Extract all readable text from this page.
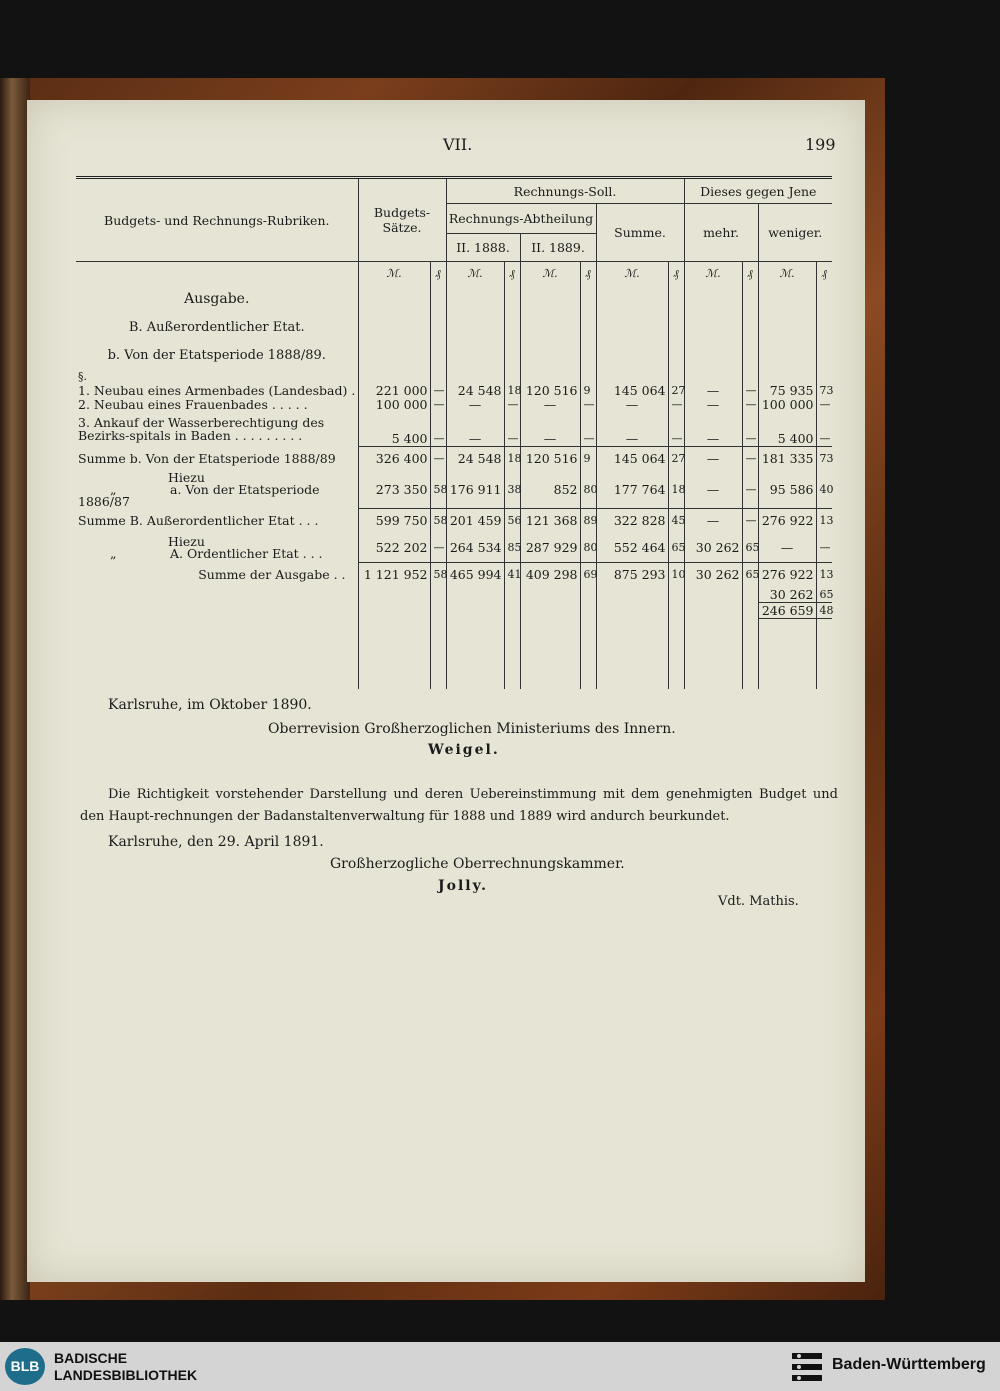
VII.	199
Budgets- und Rechnungs-Rubriken.	Budgets-Sätze.		Rechnungs-Soll.						Dieses gegen Jene			
			Rechnungs-Abtheilung				Summe.		mehr.		weniger.	
			II. 1888.		II. 1889.							
	ℳ.	₰	ℳ.	₰	ℳ.	₰	ℳ.	₰	ℳ.	₰	ℳ.	₰
Ausgabe.												
B. Außerordentlicher Etat.												
b. Von der Etatsperiode 1888/89.												
§.												
1. Neubau eines Armenbades (Landesbad) .	221 000	—	24 548	18	120 516	9	145 064	27	—	—	75 935	73
2. Neubau eines Frauenbades . . . . .	100 000	—	—	—	—	—	—	—	—	—	100 000	—
3. Ankauf der Wasserberechtigung des Bezirks-spitals in Baden . . . . . . . . .	5 400	—	—	—	—	—	—	—	—	—	5 400	—
Summe b. Von der Etatsperiode 1888/89	326 400	—	24 548	18	120 516	9	145 064	27	—	—	181 335	73

Hiezu
„ a. Von der Etatsperiode 1886/87	273 350	58	176 911	38	852	80	177 764	18	—	—	95 586	40
Summe B. Außerordentlicher Etat . . .	599 750	58	201 459	56	121 368	89	322 828	45	—	—	276 922	13

Hiezu
„ A. Ordentlicher Etat . . .	522 202	—	264 534	85	287 929	80	552 464	65	30 262	65	—	—
Summe der Ausgabe . .	1 121 952	58	465 994	41	409 298	69	875 293	10	30 262	65	276 922	13
											30 262	65
											246 659	48

Karlsruhe, im Oktober 1890.
Oberrevision Großherzoglichen Ministeriums des Innern.
Weigel.
Die Richtigkeit vorstehender Darstellung und deren Uebereinstimmung mit dem genehmigten Budget und den Haupt-rechnungen der Badanstaltenverwaltung für 1888 und 1889 wird andurch beurkundet.
Karlsruhe, den 29. April 1891.
Großherzogliche Oberrechnungskammer.
Jolly.
Vdt. Mathis.
BLB	BADISCHE
LANDESBIBLIOTHEK
Baden-Württemberg
